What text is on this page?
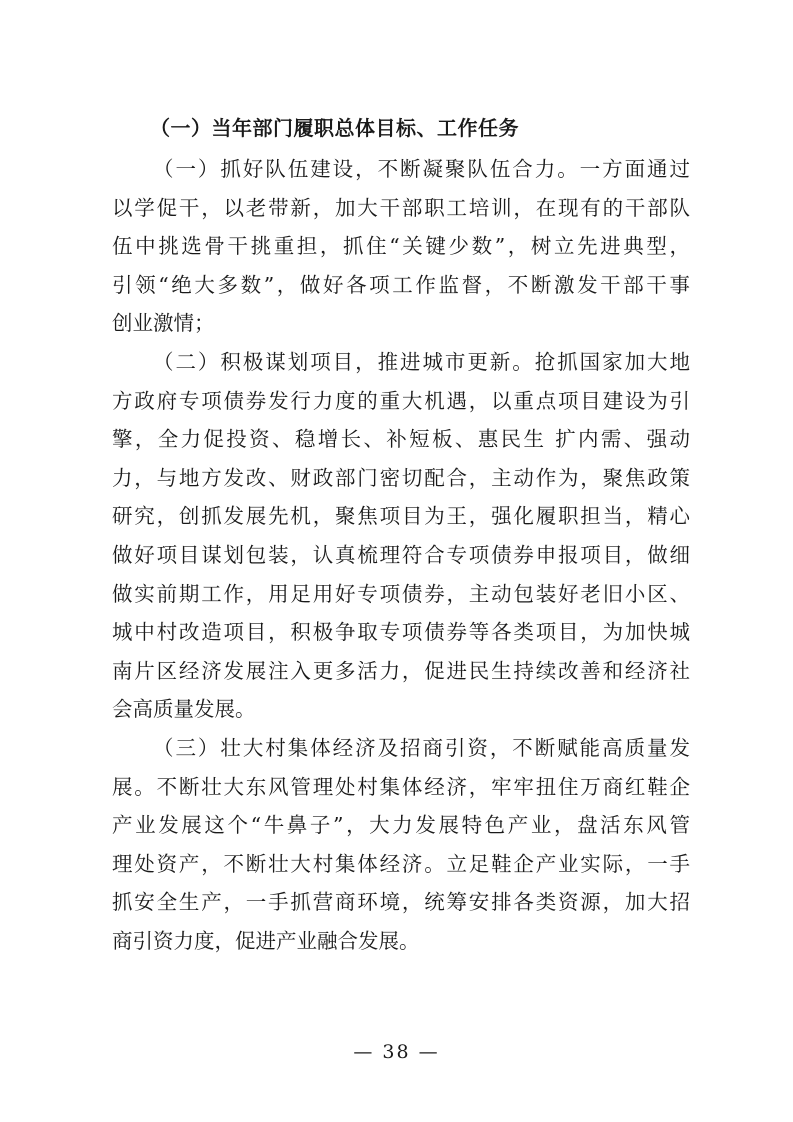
（一）当年部门履职总体目标、工作任务

（一）抓好队伍建设，不断凝聚队伍合力。一方面通过
以学促干，以老带新，加大干部职工培训，在现有的干部队
伍中挑选骨干挑重担，抓住“关键少数”，树立先进典型，
引领“绝大多数”，做好各项工作监督，不断激发干部干事
创业激情；

（二）积极谋划项目，推进城市更新。抢抓国家加大地
方政府专项债券发行力度的重大机遇，以重点项目建设为引
擎，全力促投资、稳增长、补短板、惠民生 扩内需、强动
力，与地方发改、财政部门密切配合，主动作为，聚焦政策
研究，创抓发展先机，聚焦项目为王，强化履职担当，精心
做好项目谋划包装，认真梳理符合专项债券申报项目，做细
做实前期工作，用足用好专项债券，主动包装好老旧小区、
城中村改造项目，积极争取专项债券等各类项目，为加快城
南片区经济发展注入更多活力，促进民生持续改善和经济社
会高质量发展。

（三）壮大村集体经济及招商引资，不断赋能高质量发
展。不断壮大东风管理处村集体经济，牢牢扭住万商红鞋企
产业发展这个“牛鼻子”，大力发展特色产业，盘活东风管
理处资产，不断壮大村集体经济。立足鞋企产业实际，一手
抓安全生产，一手抓营商环境，统筹安排各类资源，加大招
商引资力度，促进产业融合发展。

— 38 —
